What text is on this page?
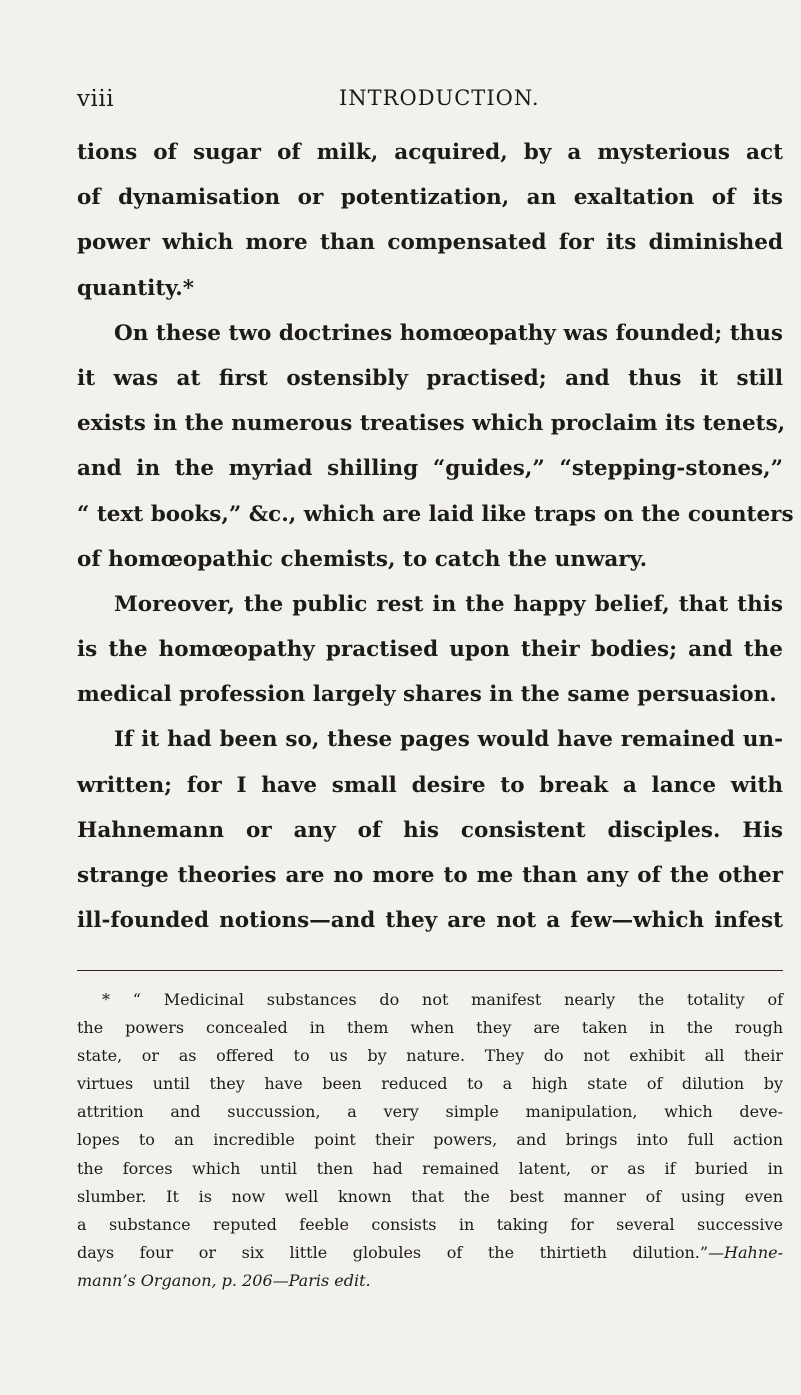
viii	INTRODUCTION.
tions of sugar of milk, acquired, by a mysterious act
of dynamisation or potentization, an exaltation of its
power which more than compensated for its diminished
quantity.*
On these two doctrines homœopathy was founded; thus
it was at first ostensibly practised; and thus it still
exists in the numerous treatises which proclaim its tenets,
and in the myriad shilling “guides,” “stepping-stones,”
“ text books,” &c., which are laid like traps on the counters
of homœopathic chemists, to catch the unwary.
Moreover, the public rest in the happy belief, that this
is the homœopathy practised upon their bodies; and the
medical profession largely shares in the same persuasion.
If it had been so, these pages would have remained un-
written; for I have small desire to break a lance with
Hahnemann or any of his consistent disciples. His
strange theories are no more to me than any of the other
ill-founded notions—and they are not a few—which infest
* “ Medicinal substances do not manifest nearly the totality of
the powers concealed in them when they are taken in the rough
state, or as offered to us by nature. They do not exhibit all their
virtues until they have been reduced to a high state of dilution by
attrition and succussion, a very simple manipulation, which deve-
lopes to an incredible point their powers, and brings into full action
the forces which until then had remained latent, or as if buried in
slumber. It is now well known that the best manner of using even
a substance reputed feeble consists in taking for several successive
days four or six little globules of the thirtieth dilution.”—Hahne-
mann’s Organon, p. 206—Paris edit.
